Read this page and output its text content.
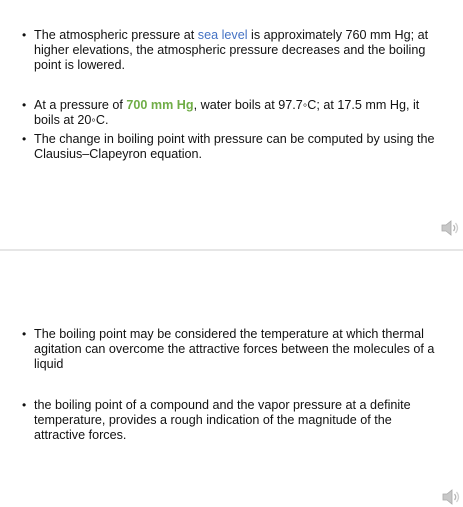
• The atmospheric pressure at sea level is approximately 760 mm Hg; at higher elevations, the atmospheric pressure decreases and the boiling point is lowered.
• At a pressure of 700 mm Hg, water boils at 97.7◦C; at 17.5 mm Hg, it boils at 20◦C.
• The change in boiling point with pressure can be computed by using the Clausius–Clapeyron equation.
• The boiling point may be considered the temperature at which thermal agitation can overcome the attractive forces between the molecules of a liquid
• the boiling point of a compound and the vapor pressure at a definite temperature, provides a rough indication of the magnitude of the attractive forces.
